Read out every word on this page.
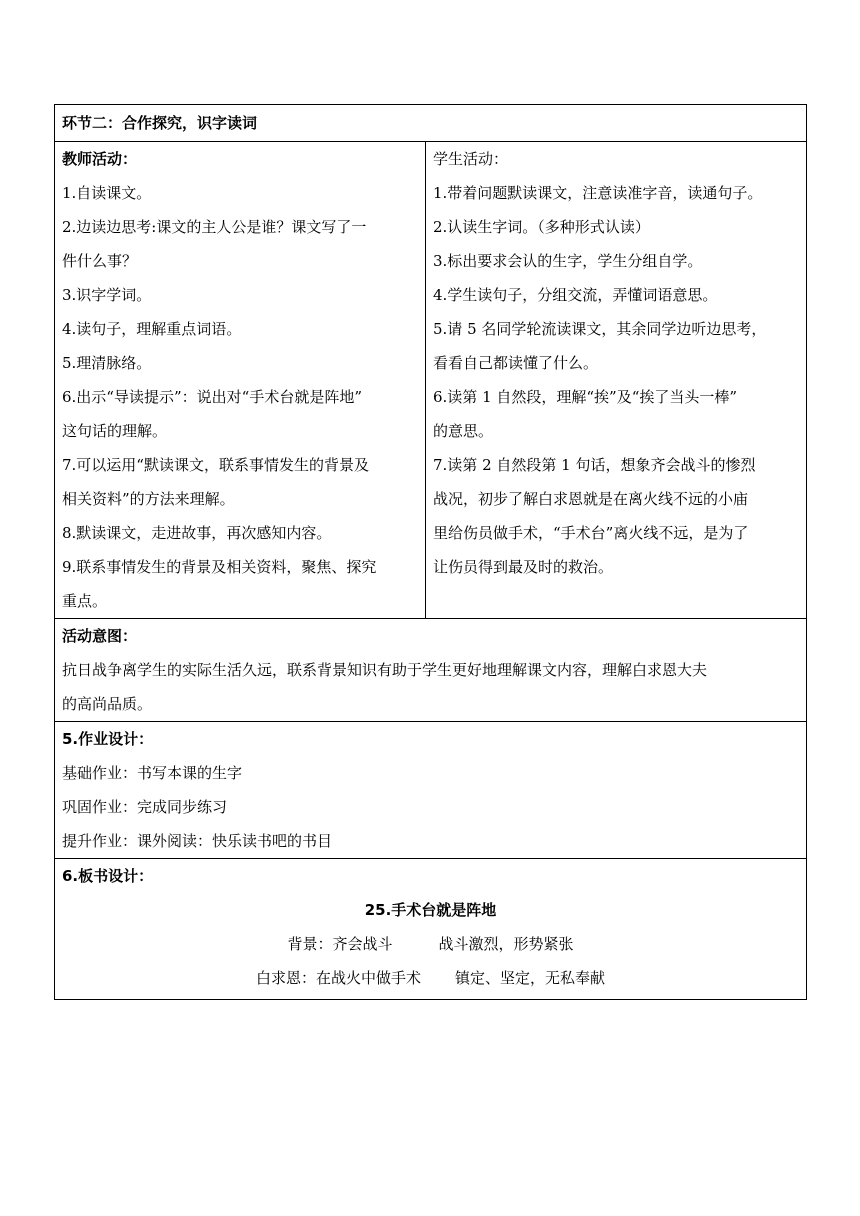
环节二：合作探究，识字读词

教师活动：
1.自读课文。
2.边读边思考:课文的主人公是谁？课文写了一
件什么事？
3.识字学词。
4.读句子，理解重点词语。
5.理清脉络。
6.出示“导读提示”：说出对“手术台就是阵地”
这句话的理解。
7.可以运用“默读课文，联系事情发生的背景及
相关资料”的方法来理解。
8.默读课文，走进故事，再次感知内容。
9.联系事情发生的背景及相关资料，聚焦、探究
重点。

学生活动：
1.带着问题默读课文，注意读准字音，读通句子。
2.认读生字词。（多种形式认读）
3.标出要求会认的生字，学生分组自学。
4.学生读句子，分组交流，弄懂词语意思。
5.请 5 名同学轮流读课文，其余同学边听边思考，
看看自己都读懂了什么。
6.读第 1 自然段，理解“挨”及“挨了当头一棒”
的意思。
7.读第 2 自然段第 1 句话，想象齐会战斗的惨烈
战况，初步了解白求恩就是在离火线不远的小庙
里给伤员做手术，“手术台”离火线不远，是为了
让伤员得到最及时的救治。

活动意图：
抗日战争离学生的实际生活久远，联系背景知识有助于学生更好地理解课文内容，理解白求恩大夫
的高尚品质。

5.作业设计：
基础作业：书写本课的生字
巩固作业：完成同步练习
提升作业：课外阅读：快乐读书吧的书目

6.板书设计：
25.手术台就是阵地
背景：齐会战斗	战斗激烈，形势紧张
白求恩：在战火中做手术 镇定、坚定，无私奉献
